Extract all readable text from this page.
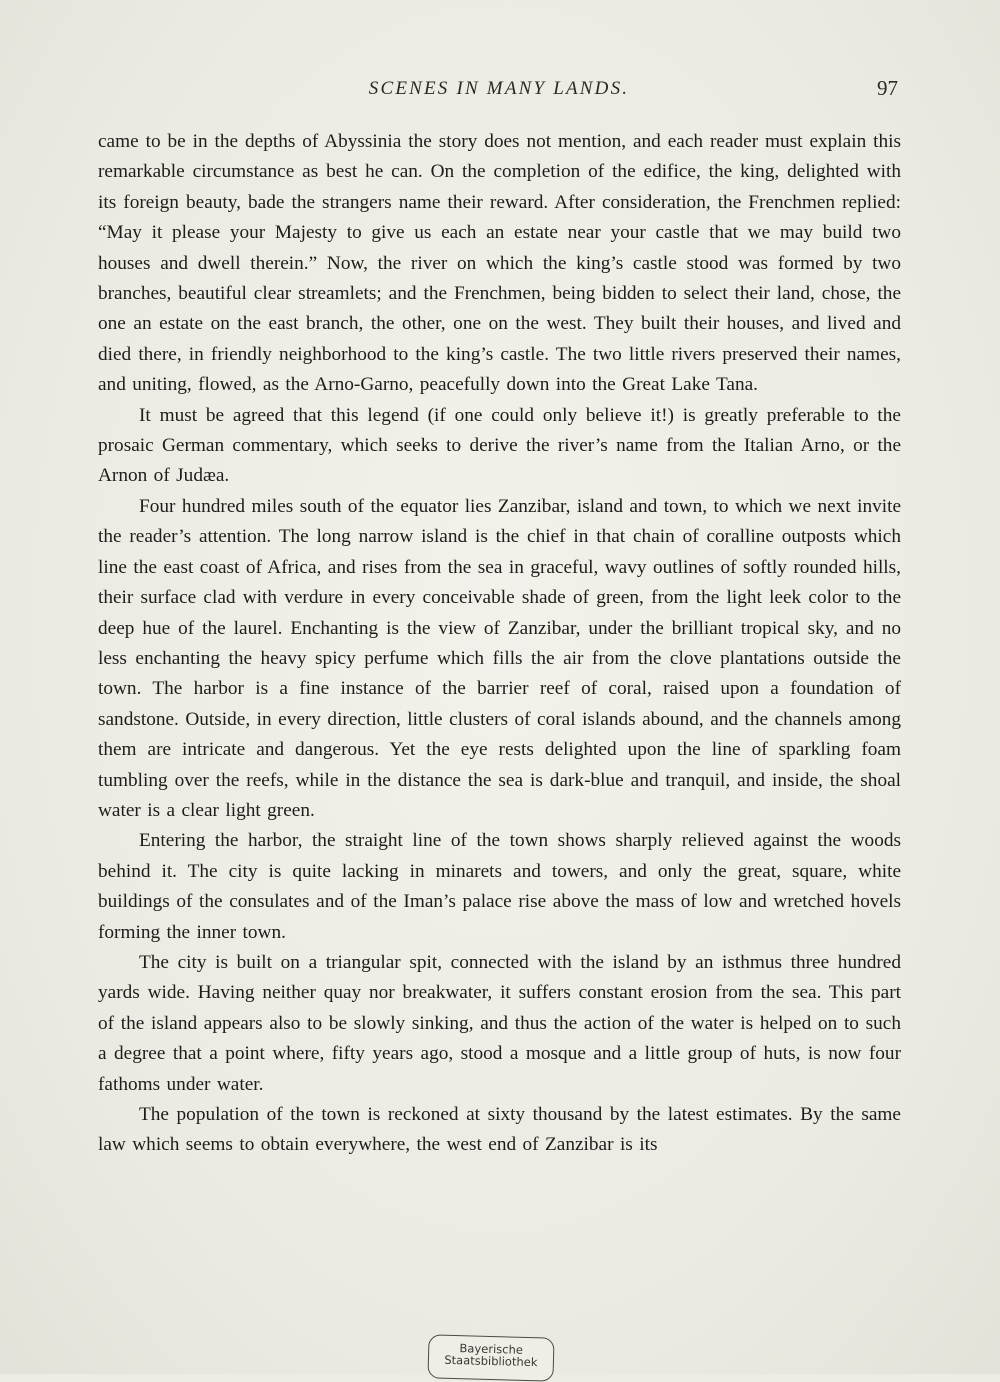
SCENES IN MANY LANDS.	97

came to be in the depths of Abyssinia the story does not mention, and each reader must explain this remarkable circumstance as best he can. On the completion of the edifice, the king, delighted with its foreign beauty, bade the strangers name their reward. After consideration, the Frenchmen replied: “May it please your Majesty to give us each an estate near your castle that we may build two houses and dwell therein.” Now, the river on which the king’s castle stood was formed by two branches, beautiful clear streamlets; and the Frenchmen, being bidden to select their land, chose, the one an estate on the east branch, the other, one on the west. They built their houses, and lived and died there, in friendly neighborhood to the king’s castle. The two little rivers preserved their names, and uniting, flowed, as the Arno-Garno, peacefully down into the Great Lake Tana.

It must be agreed that this legend (if one could only believe it!) is greatly preferable to the prosaic German commentary, which seeks to derive the river’s name from the Italian Arno, or the Arnon of Judæa.

Four hundred miles south of the equator lies Zanzibar, island and town, to which we next invite the reader’s attention. The long narrow island is the chief in that chain of coralline outposts which line the east coast of Africa, and rises from the sea in graceful, wavy outlines of softly rounded hills, their surface clad with verdure in every conceivable shade of green, from the light leek color to the deep hue of the laurel. Enchanting is the view of Zanzibar, under the brilliant tropical sky, and no less enchanting the heavy spicy perfume which fills the air from the clove plantations outside the town. The harbor is a fine instance of the barrier reef of coral, raised upon a foundation of sandstone. Outside, in every direction, little clusters of coral islands abound, and the channels among them are intricate and dangerous. Yet the eye rests delighted upon the line of sparkling foam tumbling over the reefs, while in the distance the sea is dark-blue and tranquil, and inside, the shoal water is a clear light green.

Entering the harbor, the straight line of the town shows sharply relieved against the woods behind it. The city is quite lacking in minarets and towers, and only the great, square, white buildings of the consulates and of the Iman’s palace rise above the mass of low and wretched hovels forming the inner town.

The city is built on a triangular spit, connected with the island by an isthmus three hundred yards wide. Having neither quay nor breakwater, it suffers constant erosion from the sea. This part of the island appears also to be slowly sinking, and thus the action of the water is helped on to such a degree that a point where, fifty years ago, stood a mosque and a little group of huts, is now four fathoms under water.

The population of the town is reckoned at sixty thousand by the latest estimates. By the same law which seems to obtain everywhere, the west end of Zanzibar is its

Bayerische
Staatsbibliothek
